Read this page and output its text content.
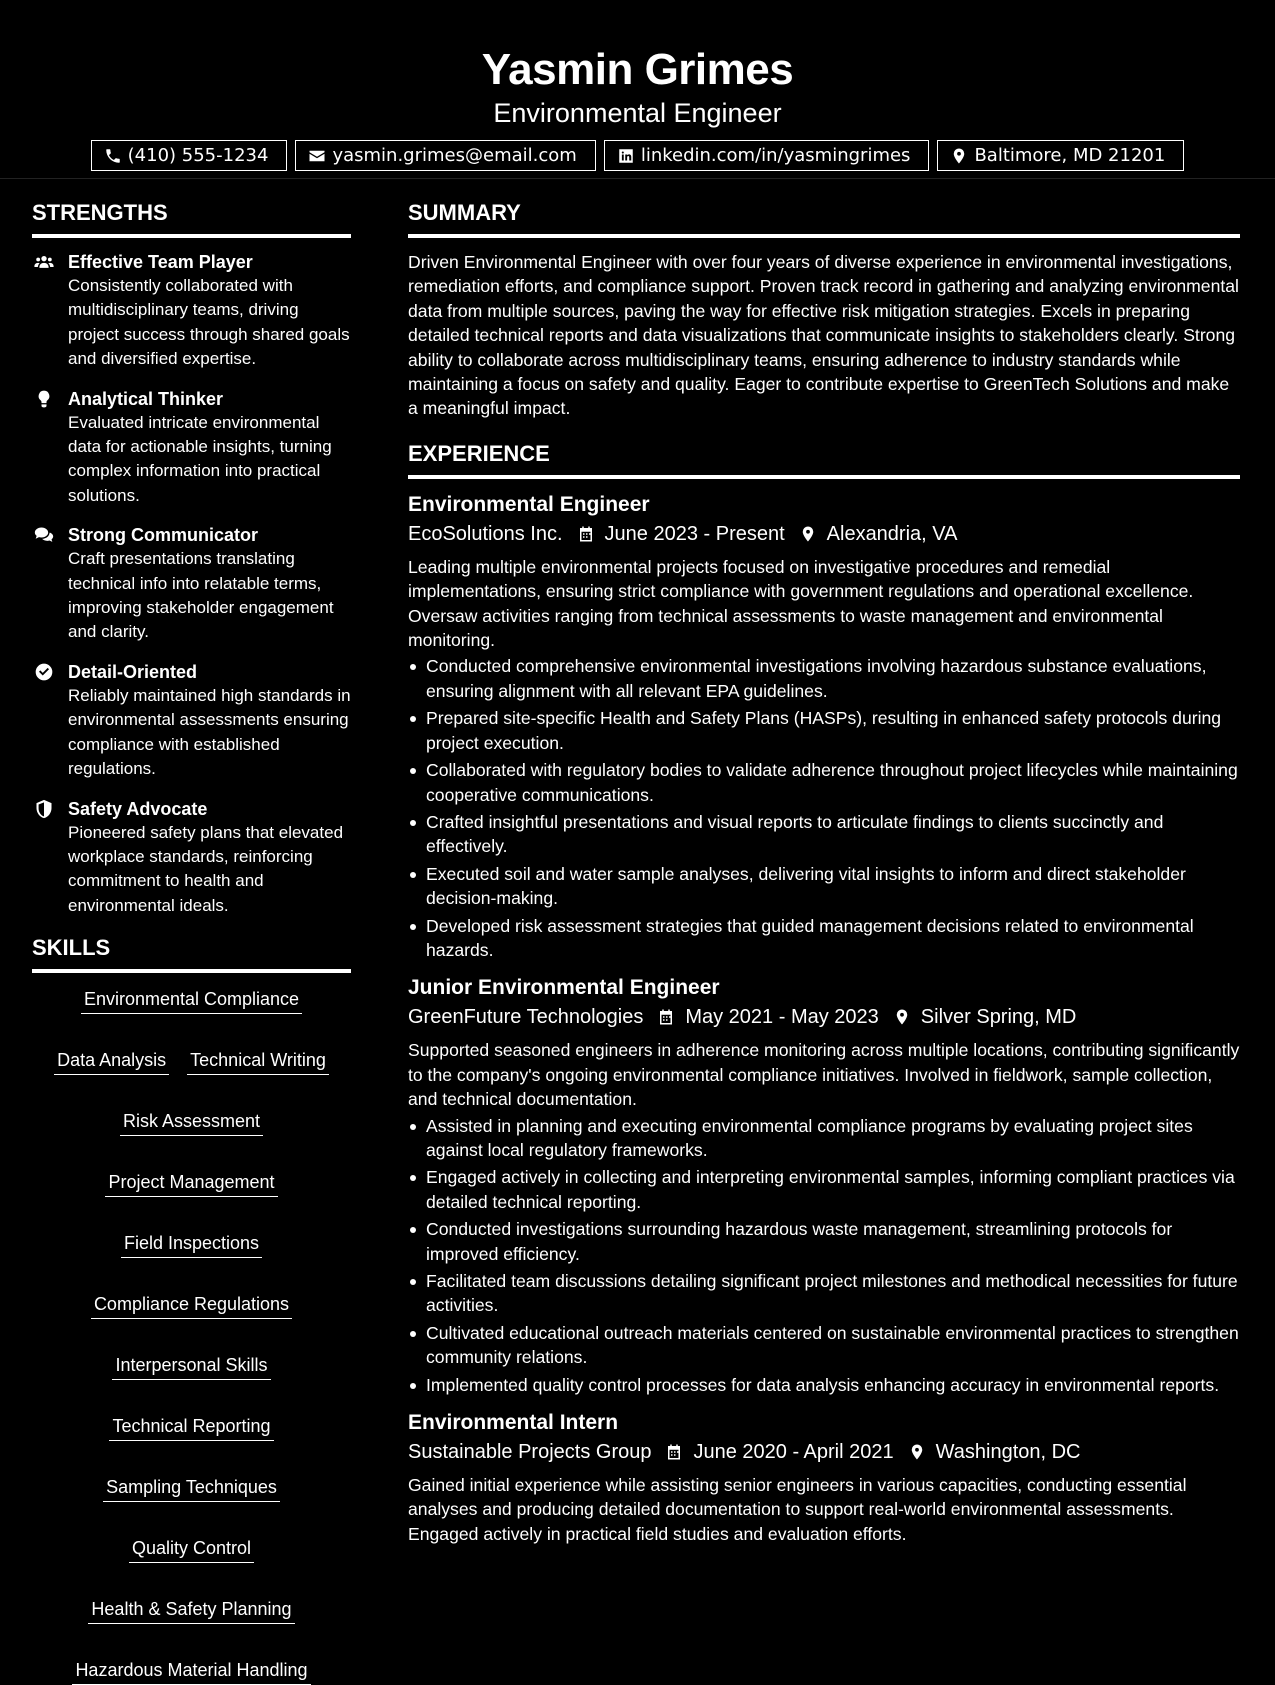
Yasmin Grimes
Environmental Engineer
(410) 555-1234	yasmin.grimes@email.com	linkedin.com/in/yasmingrimes	Baltimore, MD 21201
STRENGTHS
Effective Team Player
Consistently collaborated with multidisciplinary teams, driving project success through shared goals and diversified expertise.
Analytical Thinker
Evaluated intricate environmental data for actionable insights, turning complex information into practical solutions.
Strong Communicator
Craft presentations translating technical info into relatable terms, improving stakeholder engagement and clarity.
Detail-Oriented
Reliably maintained high standards in environmental assessments ensuring compliance with established regulations.
Safety Advocate
Pioneered safety plans that elevated workplace standards, reinforcing commitment to health and environmental ideals.
SKILLS
Environmental Compliance
Data Analysis Technical Writing
Risk Assessment
Project Management
Field Inspections
Compliance Regulations
Interpersonal Skills
Technical Reporting
Sampling Techniques
Quality Control
Health & Safety Planning
Hazardous Material Handling
SUMMARY
Driven Environmental Engineer with over four years of diverse experience in environmental investigations, remediation efforts, and compliance support. Proven track record in gathering and analyzing environmental data from multiple sources, paving the way for effective risk mitigation strategies. Excels in preparing detailed technical reports and data visualizations that communicate insights to stakeholders clearly. Strong ability to collaborate across multidisciplinary teams, ensuring adherence to industry standards while maintaining a focus on safety and quality. Eager to contribute expertise to GreenTech Solutions and make a meaningful impact.
EXPERIENCE
Environmental Engineer
EcoSolutions Inc. June 2023 - Present Alexandria, VA
Leading multiple environmental projects focused on investigative procedures and remedial implementations, ensuring strict compliance with government regulations and operational excellence. Oversaw activities ranging from technical assessments to waste management and environmental monitoring.
Conducted comprehensive environmental investigations involving hazardous substance evaluations, ensuring alignment with all relevant EPA guidelines.
Prepared site-specific Health and Safety Plans (HASPs), resulting in enhanced safety protocols during project execution.
Collaborated with regulatory bodies to validate adherence throughout project lifecycles while maintaining cooperative communications.
Crafted insightful presentations and visual reports to articulate findings to clients succinctly and effectively.
Executed soil and water sample analyses, delivering vital insights to inform and direct stakeholder decision-making.
Developed risk assessment strategies that guided management decisions related to environmental hazards.
Junior Environmental Engineer
GreenFuture Technologies May 2021 - May 2023 Silver Spring, MD
Supported seasoned engineers in adherence monitoring across multiple locations, contributing significantly to the company's ongoing environmental compliance initiatives. Involved in fieldwork, sample collection, and technical documentation.
Assisted in planning and executing environmental compliance programs by evaluating project sites against local regulatory frameworks.
Engaged actively in collecting and interpreting environmental samples, informing compliant practices via detailed technical reporting.
Conducted investigations surrounding hazardous waste management, streamlining protocols for improved efficiency.
Facilitated team discussions detailing significant project milestones and methodical necessities for future activities.
Cultivated educational outreach materials centered on sustainable environmental practices to strengthen community relations.
Implemented quality control processes for data analysis enhancing accuracy in environmental reports.
Environmental Intern
Sustainable Projects Group June 2020 - April 2021 Washington, DC
Gained initial experience while assisting senior engineers in various capacities, conducting essential analyses and producing detailed documentation to support real-world environmental assessments. Engaged actively in practical field studies and evaluation efforts.
